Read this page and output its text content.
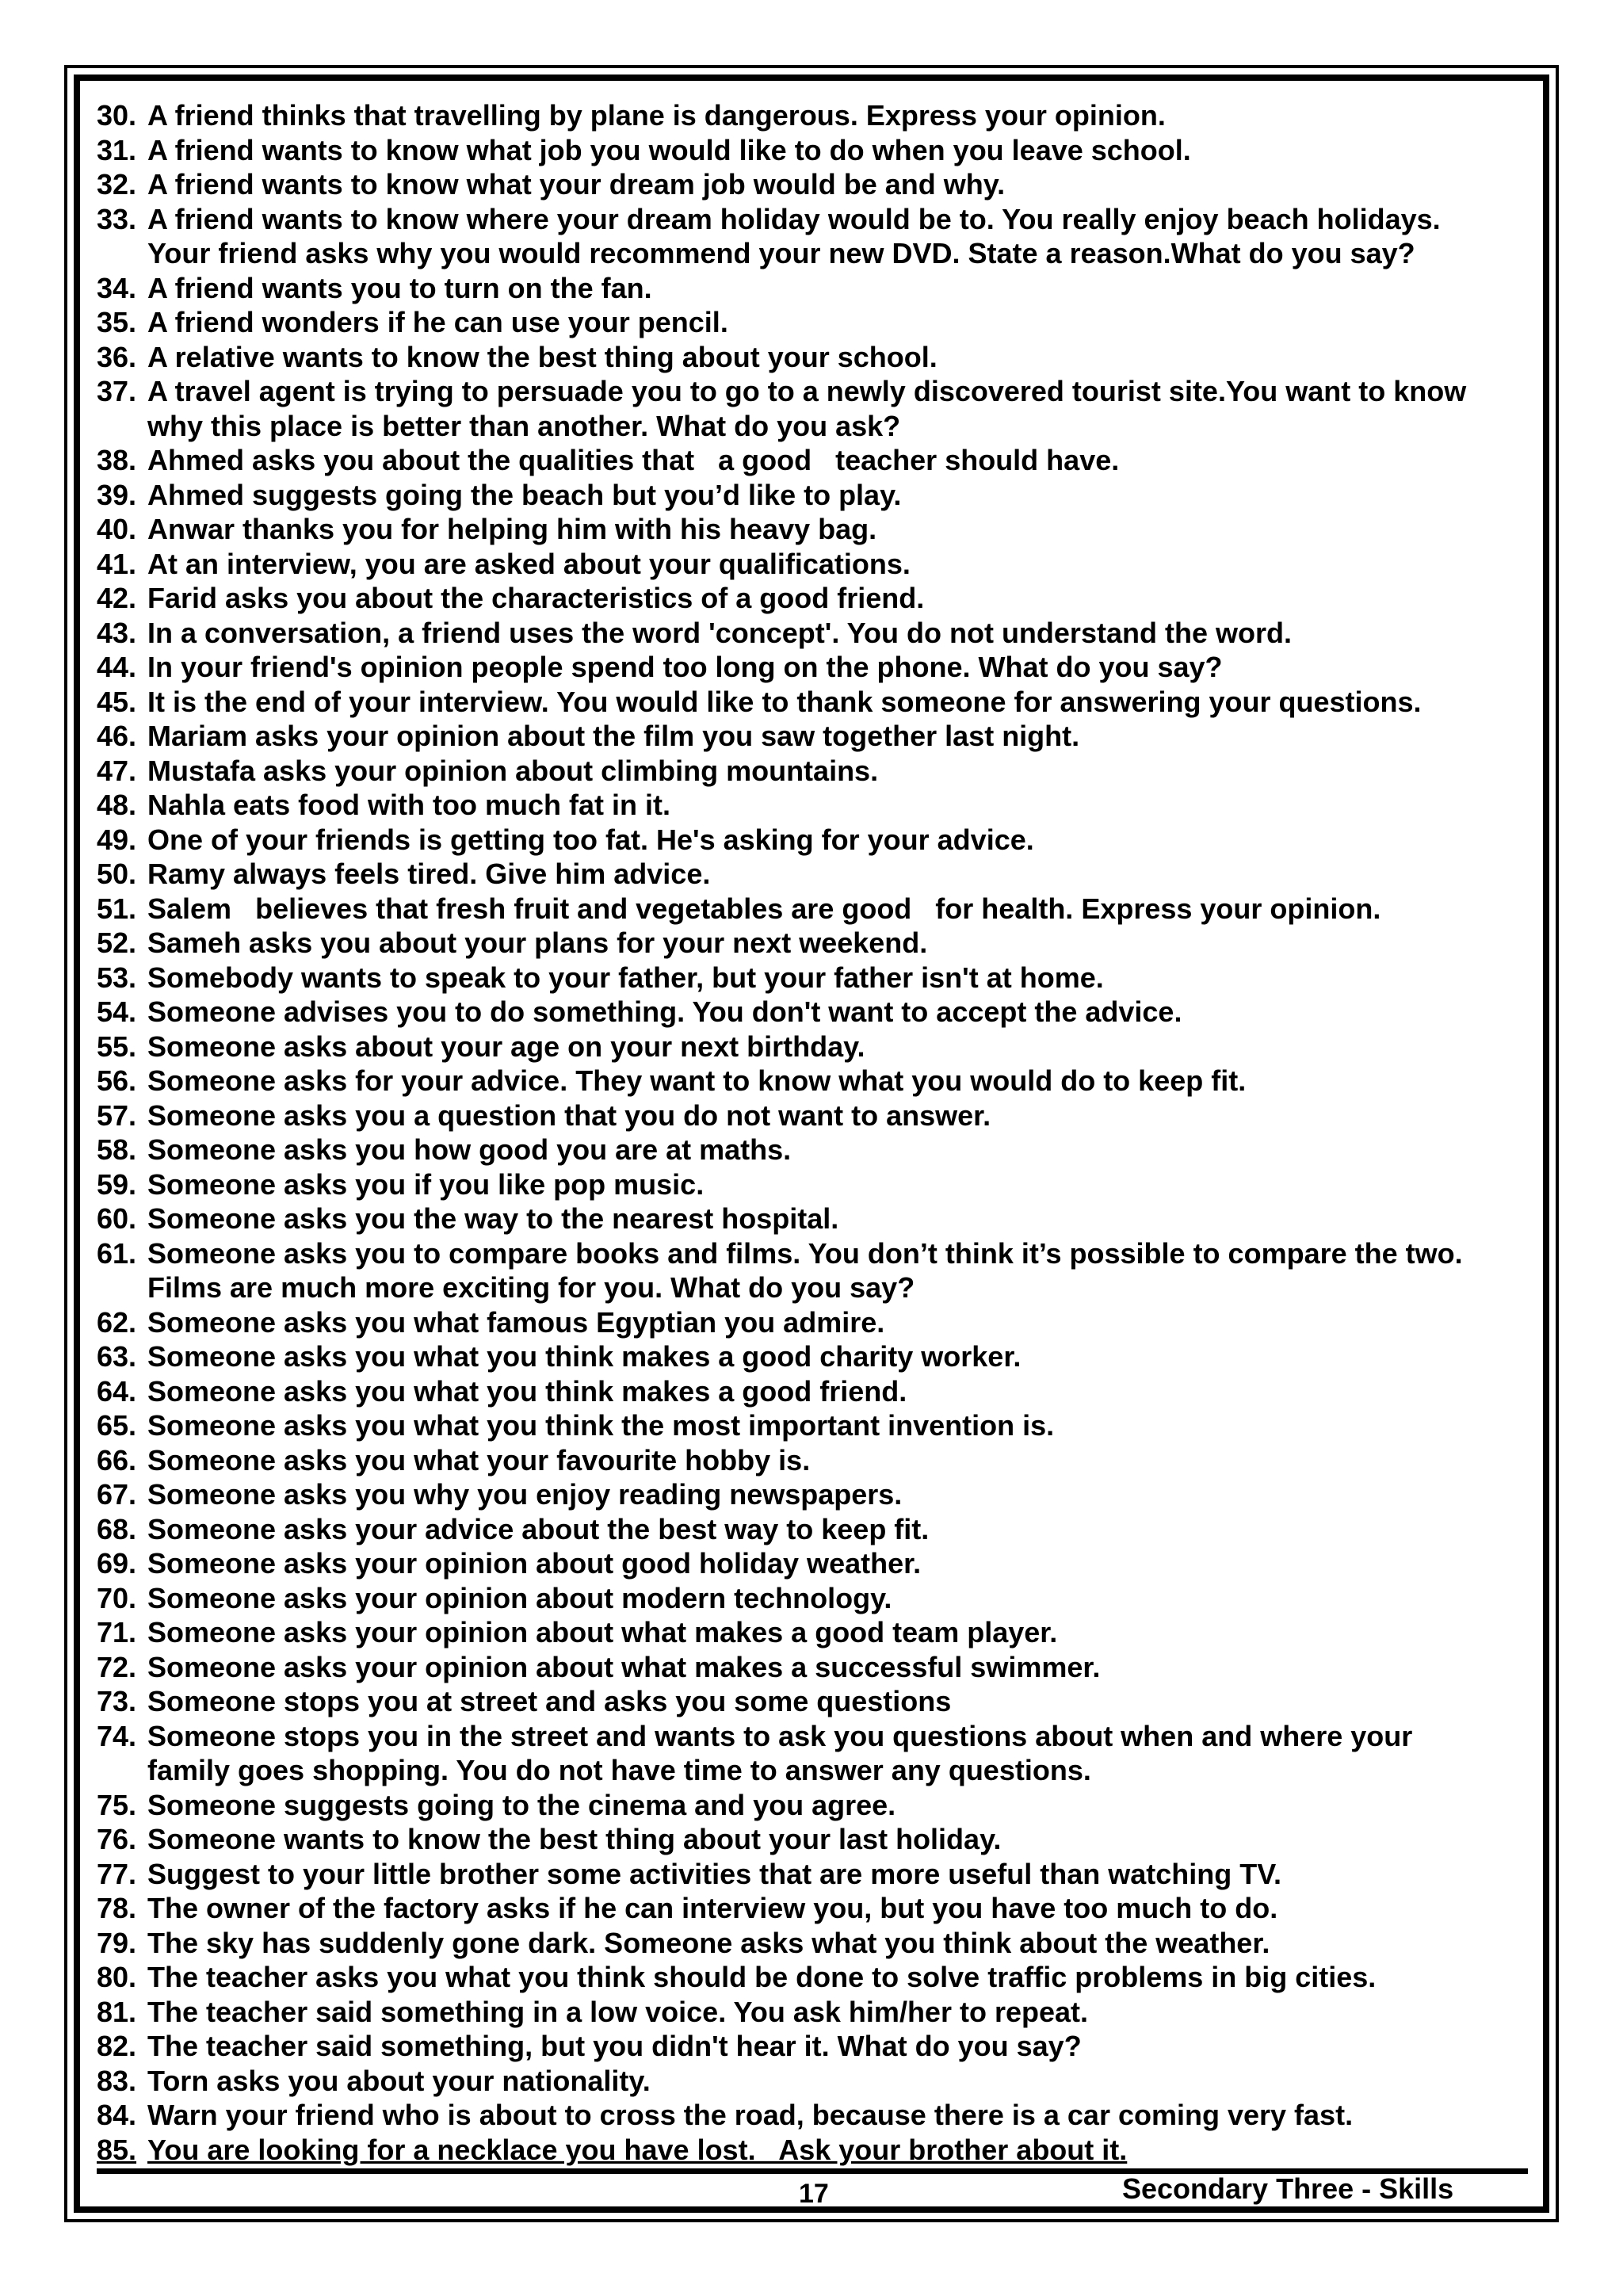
30. A friend thinks that travelling by plane is dangerous. Express your opinion.
31. A friend wants to know what job you would like to do when you leave school.
32. A friend wants to know what your dream job would be and why.
33. A friend wants to know where your dream holiday would be to. You really enjoy beach holidays.
Your friend asks why you would recommend your new DVD. State a reason.What do you say?
34. A friend wants you to turn on the fan.
35. A friend wonders if he can use your pencil.
36. A relative wants to know the best thing about your school.
37. A travel agent is trying to persuade you to go to a newly discovered tourist site.You want to know
why this place is better than another. What do you ask?
38. Ahmed asks you about the qualities that   a good   teacher should have.
39. Ahmed suggests going the beach but you’d like to play.
40. Anwar thanks you for helping him with his heavy bag.
41. At an interview, you are asked about your qualifications.
42. Farid asks you about the characteristics of a good friend.
43. In a conversation, a friend uses the word 'concept'. You do not understand the word.
44. In your friend's opinion people spend too long on the phone. What do you say?
45. It is the end of your interview. You would like to thank someone for answering your questions.
46. Mariam asks your opinion about the film you saw together last night.
47. Mustafa asks your opinion about climbing mountains.
48. Nahla eats food with too much fat in it.
49. One of your friends is getting too fat. He's asking for your advice.
50. Ramy always feels tired. Give him advice.
51. Salem   believes that fresh fruit and vegetables are good   for health. Express your opinion.
52. Sameh asks you about your plans for your next weekend.
53. Somebody wants to speak to your father, but your father isn't at home.
54. Someone advises you to do something. You don't want to accept the advice.
55. Someone asks about your age on your next birthday.
56. Someone asks for your advice. They want to know what you would do to keep fit.
57. Someone asks you a question that you do not want to answer.
58. Someone asks you how good you are at maths.
59. Someone asks you if you like pop music.
60. Someone asks you the way to the nearest hospital.
61. Someone asks you to compare books and films. You don’t think it’s possible to compare the two.
Films are much more exciting for you. What do you say?
62. Someone asks you what famous Egyptian you admire.
63. Someone asks you what you think makes a good charity worker.
64. Someone asks you what you think makes a good friend.
65. Someone asks you what you think the most important invention is.
66. Someone asks you what your favourite hobby is.
67. Someone asks you why you enjoy reading newspapers.
68. Someone asks your advice about the best way to keep fit.
69. Someone asks your opinion about good holiday weather.
70. Someone asks your opinion about modern technology.
71. Someone asks your opinion about what makes a good team player.
72. Someone asks your opinion about what makes a successful swimmer.
73. Someone stops you at street and asks you some questions
74. Someone stops you in the street and wants to ask you questions about when and where your
family goes shopping. You do not have time to answer any questions.
75. Someone suggests going to the cinema and you agree.
76. Someone wants to know the best thing about your last holiday.
77. Suggest to your little brother some activities that are more useful than watching TV.
78. The owner of the factory asks if he can interview you, but you have too much to do.
79. The sky has suddenly gone dark. Someone asks what you think about the weather.
80. The teacher asks you what you think should be done to solve traffic problems in big cities.
81. The teacher said something in a low voice. You ask him/her to repeat.
82. The teacher said something, but you didn't hear it. What do you say?
83. Torn asks you about your nationality.
84. Warn your friend who is about to cross the road, because there is a car coming very fast.
85. You are looking for a necklace you have lost.   Ask your brother about it.
17	Secondary Three - Skills
